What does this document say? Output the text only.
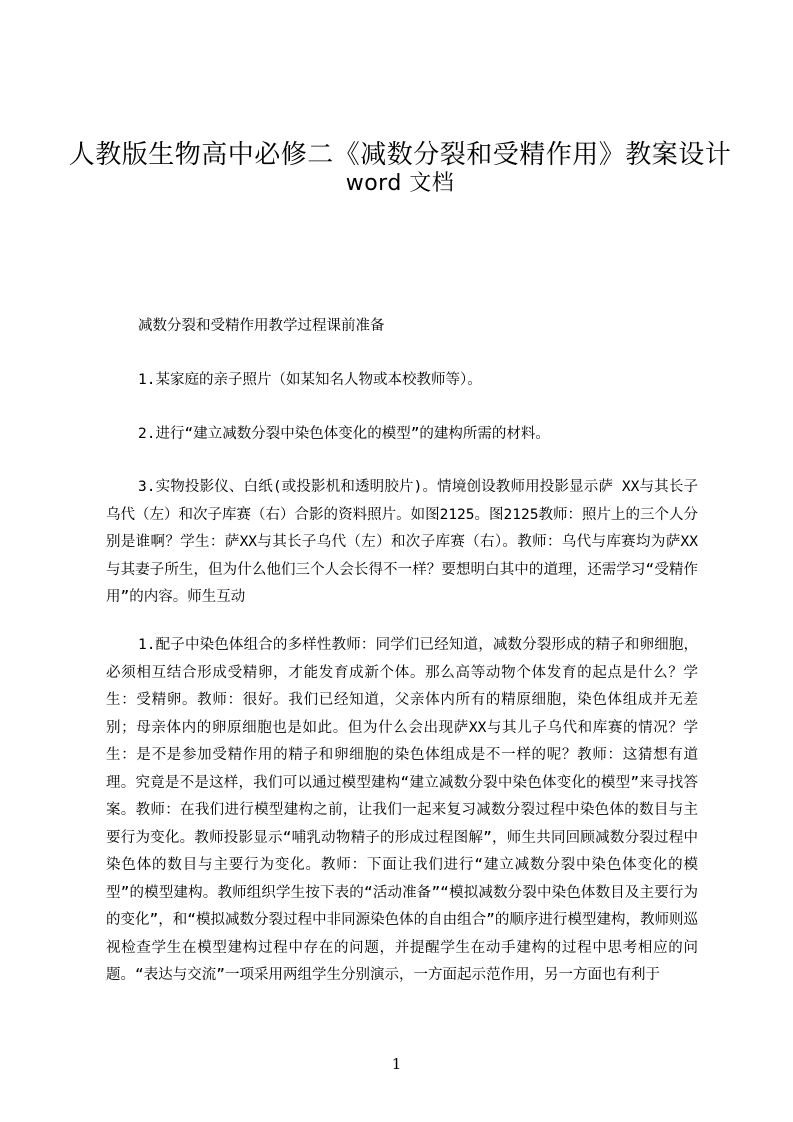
人教版生物高中必修二《减数分裂和受精作用》教案设计
word 文档
减数分裂和受精作用教学过程课前准备
1.某家庭的亲子照片（如某知名人物或本校教师等）。
2.进行“建立减数分裂中染色体变化的模型”的建构所需的材料。
3.实物投影仪、白纸(或投影机和透明胶片)。情境创设教师用投影显示萨 XX与其长子乌代（左）和次子库赛（右）合影的资料照片。如图2125。图2125教师：照片上的三个人分别是谁啊？学生：萨XX与其长子乌代（左）和次子库赛（右）。教师：乌代与库赛均为萨XX与其妻子所生，但为什么他们三个人会长得不一样？要想明白其中的道理，还需学习“受精作用”的内容。师生互动
1.配子中染色体组合的多样性教师：同学们已经知道，减数分裂形成的精子和卵细胞，必须相互结合形成受精卵，才能发育成新个体。那么高等动物个体发育的起点是什么？学生：受精卵。教师：很好。我们已经知道，父亲体内所有的精原细胞，染色体组成并无差别；母亲体内的卵原细胞也是如此。但为什么会出现萨XX与其儿子乌代和库赛的情况？学生：是不是参加受精作用的精子和卵细胞的染色体组成是不一样的呢？教师：这猜想有道理。究竟是不是这样，我们可以通过模型建构“建立减数分裂中染色体变化的模型”来寻找答案。教师：在我们进行模型建构之前，让我们一起来复习减数分裂过程中染色体的数目与主要行为变化。教师投影显示“哺乳动物精子的形成过程图解”，师生共同回顾减数分裂过程中染色体的数目与主要行为变化。教师：下面让我们进行“建立减数分裂中染色体变化的模型”的模型建构。教师组织学生按下表的“活动准备”“模拟减数分裂中染色体数目及主要行为的变化”，和“模拟减数分裂过程中非同源染色体的自由组合”的顺序进行模型建构，教师则巡视检查学生在模型建构过程中存在的问题，并提醒学生在动手建构的过程中思考相应的问题。“表达与交流”一项采用两组学生分别演示，一方面起示范作用，另一方面也有利于
1
